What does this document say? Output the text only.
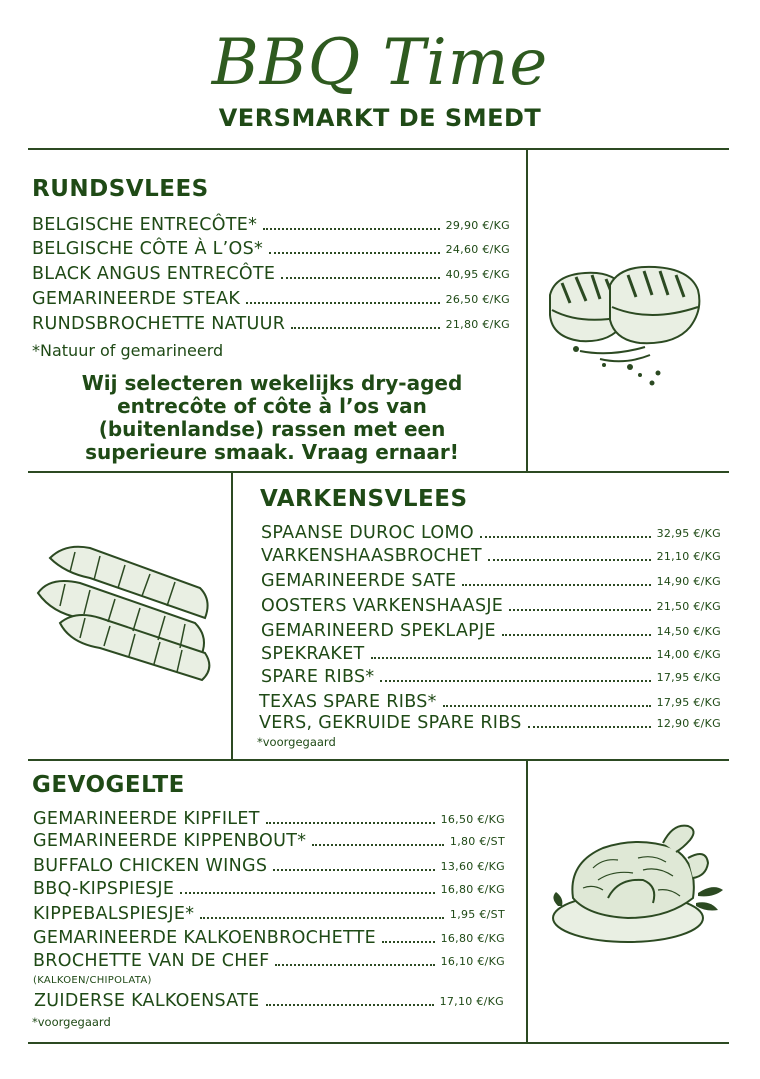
BBQ Time
VERSMARKT DE SMEDT
RUNDSVLEES
BELGISCHE ENTRECÔTE*	29,90 €/KG
BELGISCHE CÔTE À L’OS*	24,60 €/KG
BLACK ANGUS ENTRECÔTE	40,95 €/KG
GEMARINEERDE STEAK	26,50 €/KG
RUNDSBROCHETTE NATUUR	21,80 €/KG
*Natuur of gemarineerd
Wij selecteren wekelijks dry-aged entrecôte of côte à l’os van (buitenlandse) rassen met een superieure smaak. Vraag ernaar!
VARKENSVLEES
SPAANSE DUROC LOMO	32,95 €/KG
VARKENSHAASBROCHET	21,10 €/KG
GEMARINEERDE SATE	14,90 €/KG
OOSTERS VARKENSHAASJE	21,50 €/KG
GEMARINEERD SPEKLAPJE	14,50 €/KG
SPEKRAKET	14,00 €/KG
SPARE RIBS*	17,95 €/KG
TEXAS SPARE RIBS*	17,95 €/KG
VERS, GEKRUIDE SPARE RIBS	12,90 €/KG
*voorgegaard
GEVOGELTE
GEMARINEERDE KIPFILET	16,50 €/KG
GEMARINEERDE KIPPENBOUT*	1,80 €/ST
BUFFALO CHICKEN WINGS	13,60 €/KG
BBQ-KIPSPIESJE	16,80 €/KG
KIPPEBALSPIESJE*	1,95 €/ST
GEMARINEERDE KALKOENBROCHETTE	16,80 €/KG
BROCHETTE VAN DE CHEF	16,10 €/KG
(KALKOEN/CHIPOLATA)
ZUIDERSE KALKOENSATE	17,10 €/KG
*voorgegaard
